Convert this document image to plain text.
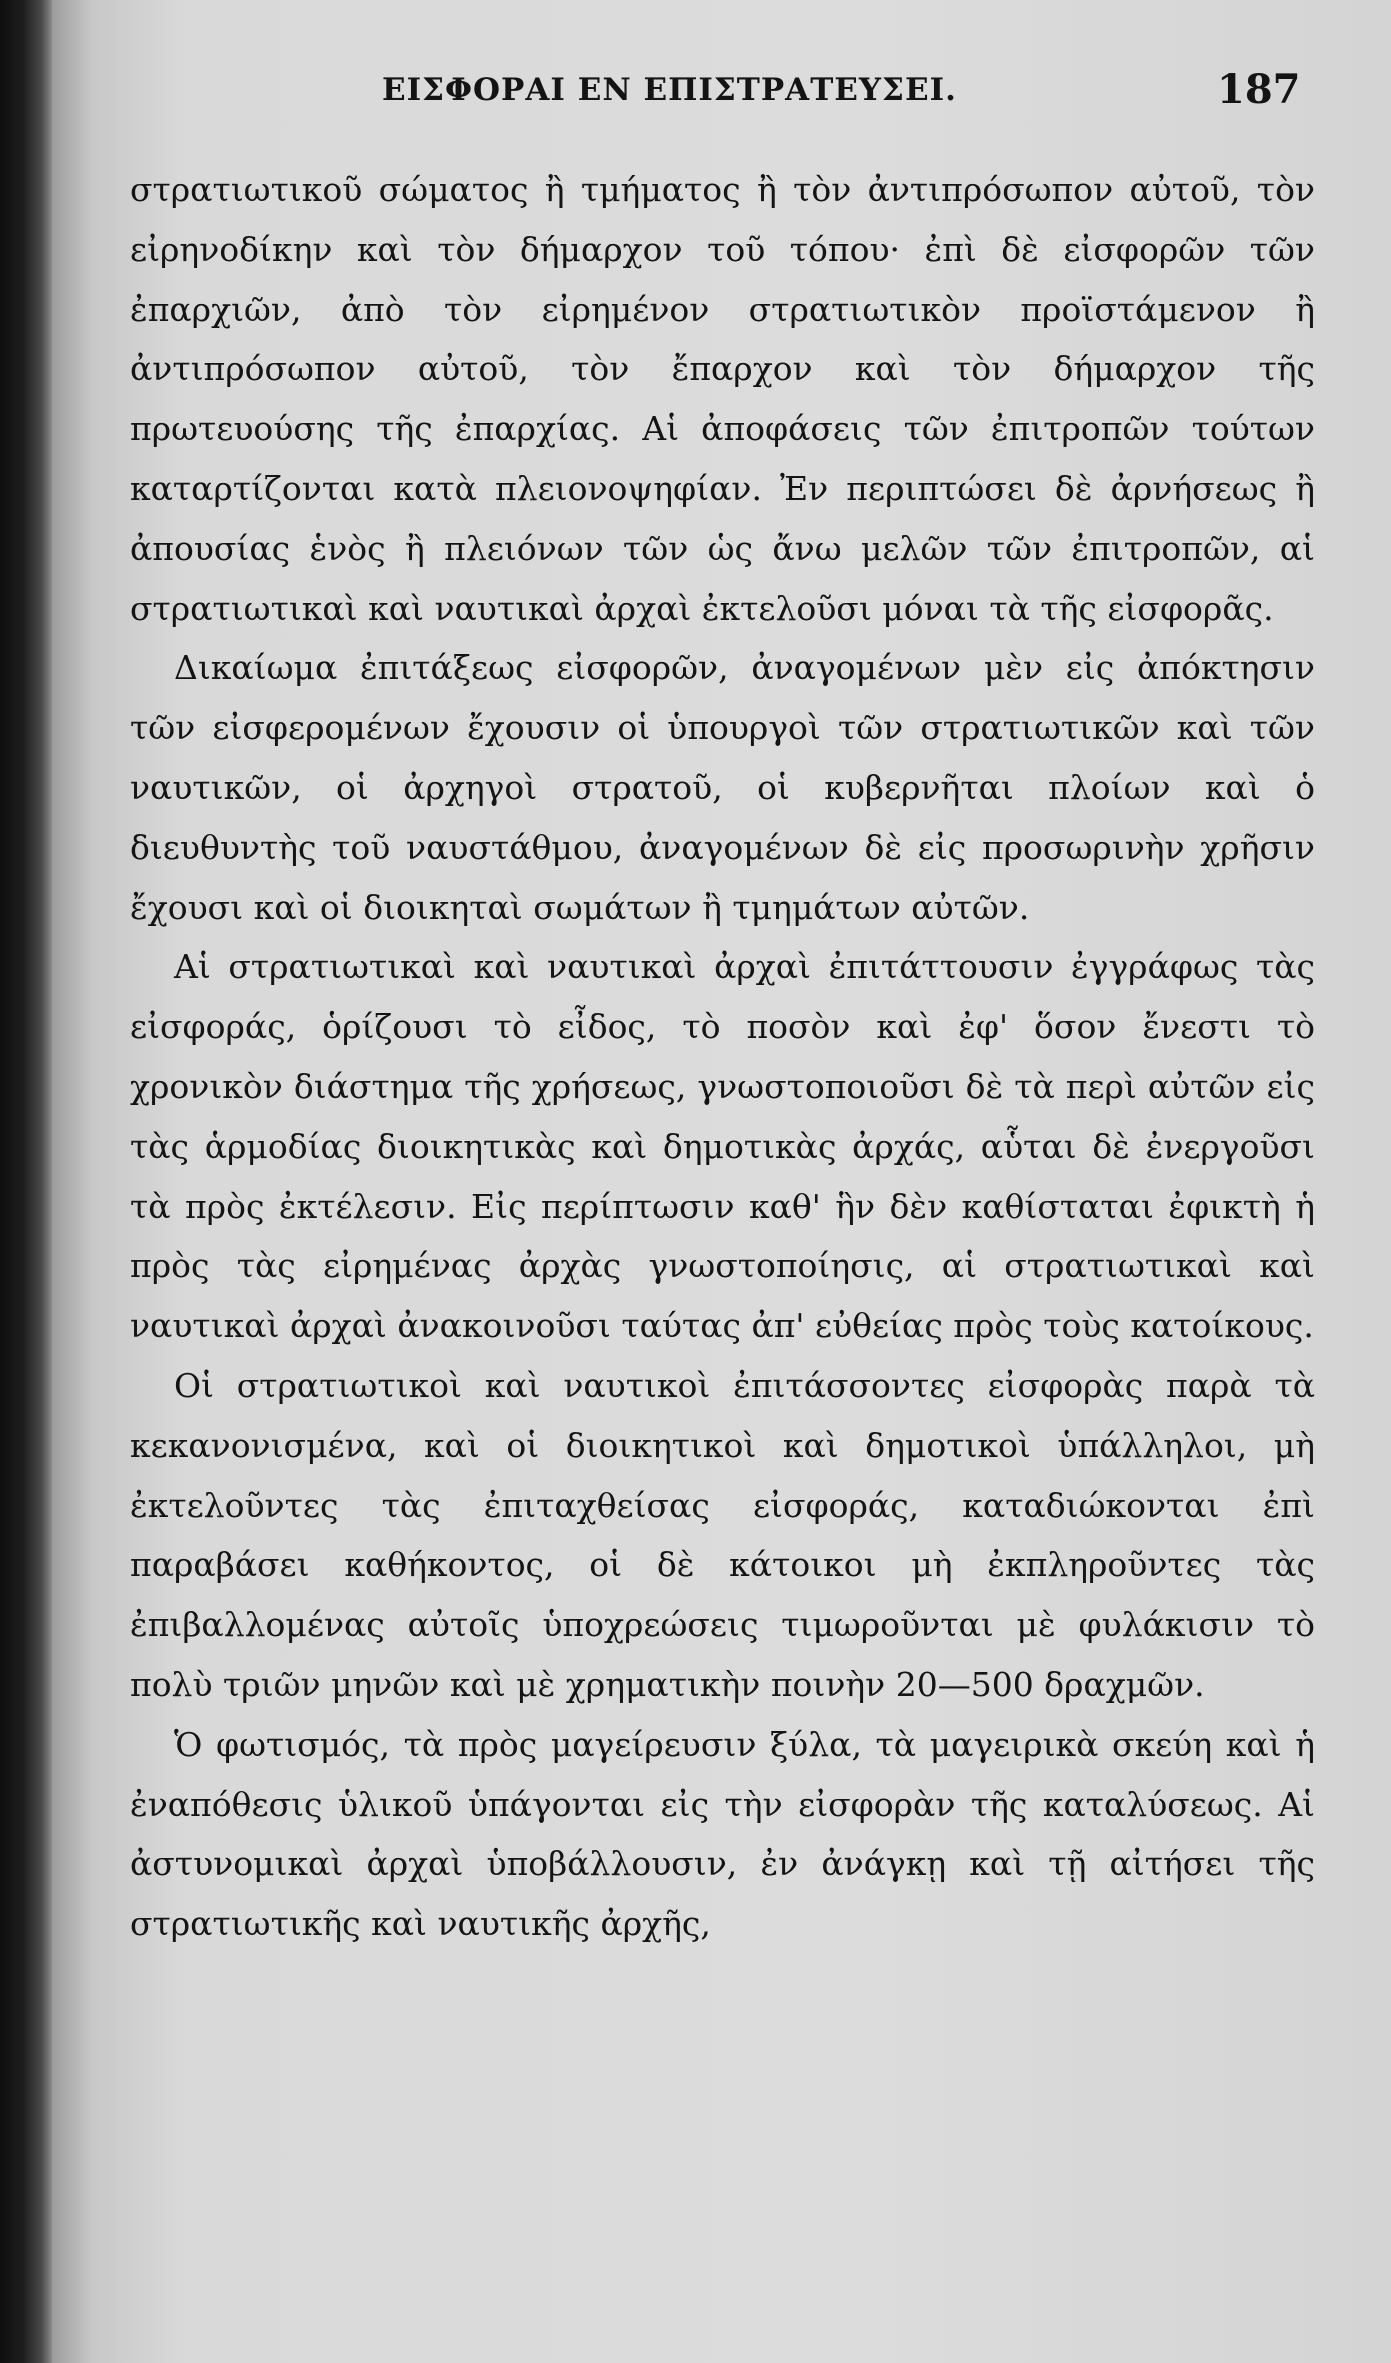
ΕΙΣΦΟΡΑΙ ΕΝ ΕΠΙΣΤΡΑΤΕΥΣΕΙ.	187

στρατιωτικοῦ σώματος ἢ τμήματος ἢ τὸν ἀντιπρόσωπον αὐτοῦ, τὸν εἰρηνοδίκην καὶ τὸν δήμαρχον τοῦ τόπου· ἐπὶ δὲ εἰσφορῶν τῶν ἐπαρχιῶν, ἀπὸ τὸν εἰρημένον στρατιωτικὸν προϊστάμενον ἢ ἀντιπρόσωπον αὐτοῦ, τὸν ἔπαρχον καὶ τὸν δήμαρχον τῆς πρωτευούσης τῆς ἐπαρχίας. Αἱ ἀποφάσεις τῶν ἐπιτροπῶν τούτων καταρτίζονται κατὰ πλειονοψηφίαν. Ἐν περιπτώσει δὲ ἀρνήσεως ἢ ἀπουσίας ἑνὸς ἢ πλειόνων τῶν ὡς ἄνω μελῶν τῶν ἐπιτροπῶν, αἱ στρατιωτικαὶ καὶ ναυτικαὶ ἀρχαὶ ἐκτελοῦσι μόναι τὰ τῆς εἰσφορᾶς.

Δικαίωμα ἐπιτάξεως εἰσφορῶν, ἀναγομένων μὲν εἰς ἀπόκτησιν τῶν εἰσφερομένων ἔχουσιν οἱ ὑπουργοὶ τῶν στρατιωτικῶν καὶ τῶν ναυτικῶν, οἱ ἀρχηγοὶ στρατοῦ, οἱ κυβερνῆται πλοίων καὶ ὁ διευθυντὴς τοῦ ναυστάθμου, ἀναγομένων δὲ εἰς προσωρινὴν χρῆσιν ἔχουσι καὶ οἱ διοικηταὶ σωμάτων ἢ τμημάτων αὐτῶν.

Αἱ στρατιωτικαὶ καὶ ναυτικαὶ ἀρχαὶ ἐπιτάττουσιν ἐγγράφως τὰς εἰσφοράς, ὁρίζουσι τὸ εἶδος, τὸ ποσὸν καὶ ἐφ' ὅσον ἔνεστι τὸ χρονικὸν διάστημα τῆς χρήσεως, γνωστοποιοῦσι δὲ τὰ περὶ αὐτῶν εἰς τὰς ἁρμοδίας διοικητικὰς καὶ δημοτικὰς ἀρχάς, αὗται δὲ ἐνεργοῦσι τὰ πρὸς ἐκτέλεσιν. Εἰς περίπτωσιν καθ' ἣν δὲν καθίσταται ἐφικτὴ ἡ πρὸς τὰς εἰρημένας ἀρχὰς γνωστοποίησις, αἱ στρατιωτικαὶ καὶ ναυτικαὶ ἀρχαὶ ἀνακοινοῦσι ταύτας ἀπ' εὐθείας πρὸς τοὺς κατοίκους.

Οἱ στρατιωτικοὶ καὶ ναυτικοὶ ἐπιτάσσοντες εἰσφορὰς παρὰ τὰ κεκανονισμένα, καὶ οἱ διοικητικοὶ καὶ δημοτικοὶ ὑπάλληλοι, μὴ ἐκτελοῦντες τὰς ἐπιταχθείσας εἰσφοράς, καταδιώκονται ἐπὶ παραβάσει καθήκοντος, οἱ δὲ κάτοικοι μὴ ἐκπληροῦντες τὰς ἐπιβαλλομένας αὐτοῖς ὑποχρεώσεις τιμωροῦνται μὲ φυλάκισιν τὸ πολὺ τριῶν μηνῶν καὶ μὲ χρηματικὴν ποινὴν 20—500 δραχμῶν.

Ὁ φωτισμός, τὰ πρὸς μαγείρευσιν ξύλα, τὰ μαγειρικὰ σκεύη καὶ ἡ ἐναπόθεσις ὑλικοῦ ὑπάγονται εἰς τὴν εἰσφορὰν τῆς καταλύσεως. Αἱ ἀστυνομικαὶ ἀρχαὶ ὑποβάλλουσιν, ἐν ἀνάγκῃ καὶ τῇ αἰτήσει τῆς στρατιωτικῆς καὶ ναυτικῆς ἀρχῆς,
